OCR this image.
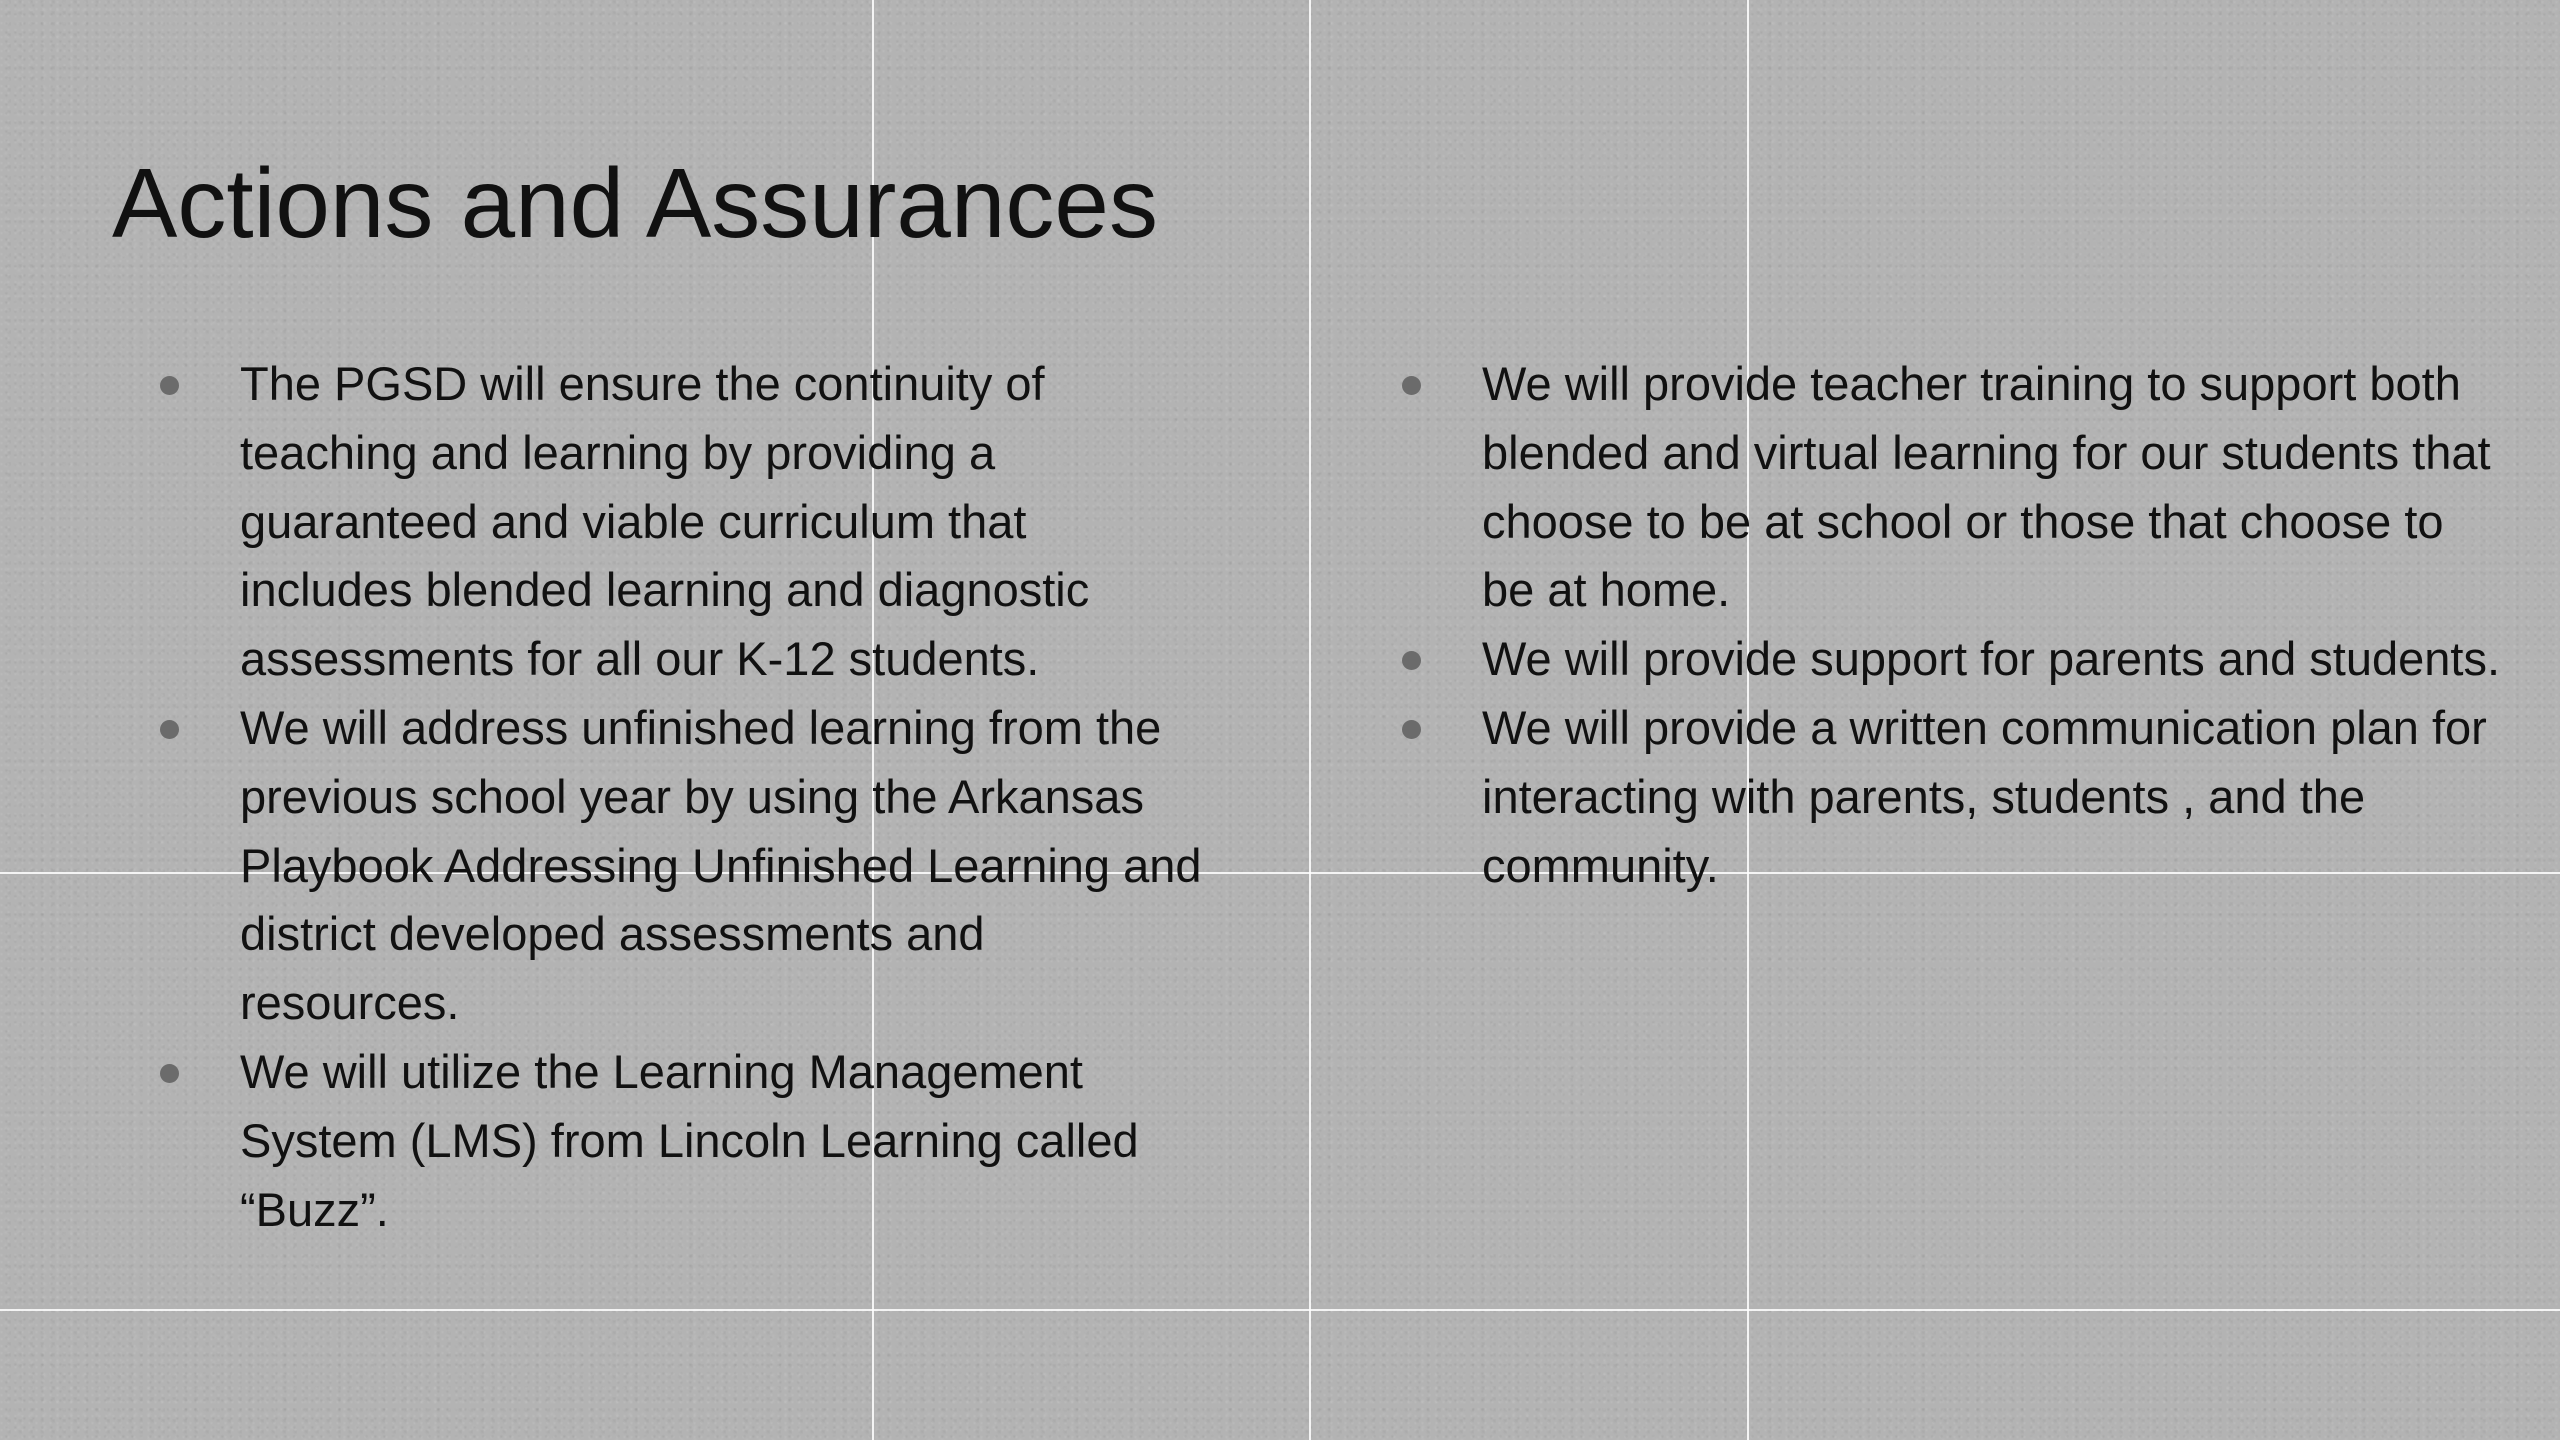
Actions and Assurances
The PGSD will ensure the continuity of teaching and learning by providing a guaranteed and viable curriculum that includes blended learning and diagnostic assessments for all our K-12 students.
We will address unfinished learning from the previous school year by using the Arkansas Playbook Addressing Unfinished Learning and district developed assessments and resources.
We will utilize the Learning Management System (LMS) from Lincoln Learning called “Buzz”.
We will provide teacher training to support both blended and virtual learning for our students that choose to be at school or those that choose to be at home.
We will provide support for parents and students.
We will provide a written communication plan for interacting with parents, students , and the community.
